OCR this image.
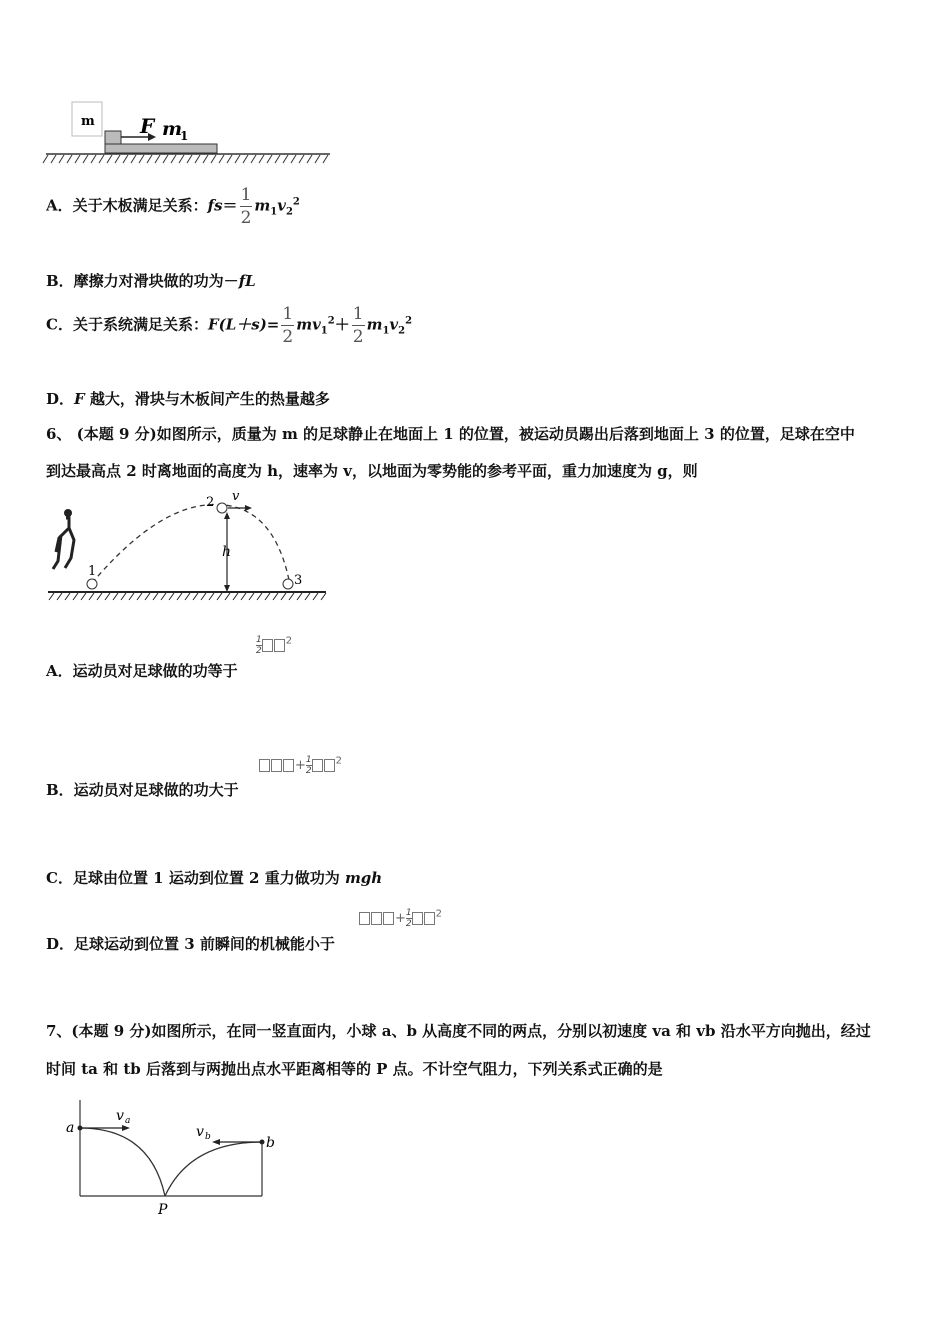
m F m
1
A．关于木板满足关系：$fs= \frac{1}{2} m_1v_2^2$
B．摩擦力对滑块做的功为－fL
C．关于系统满足关系：$F(L+s)= \frac{1}{2} mv_1^2+ \frac{1}{2} m_1v_2^2$
D．F 越大，滑块与木板间产生的热量越多
6、 (本题 9 分)如图所示，质量为 m 的足球静止在地面上 1 的位置，被运动员踢出后落到地面上 3 的位置，足球在空中
到达最高点 2 时离地面的高度为 h，速率为 v，以地面为零势能的参考平面，重力加速度为 g，则
1
2
3
v
h
A．运动员对足球做的功等于
$\frac{1}{2} ^2$
B．运动员对足球做的功大于
+ $\frac{1}{2} ^2$
C．足球由位置 1 运动到位置 2 重力做功为 mgh
D．足球运动到位置 3 前瞬间的机械能小于
+ $\frac{1}{2} ^2$
7、(本题 9 分)如图所示，在同一竖直面内，小球 a、b 从高度不同的两点，分别以初速度 va 和 vb 沿水平方向抛出，经过
时间 ta 和 tb 后落到与两抛出点水平距离相等的 P 点。不计空气阻力，下列关系式正确的是
a
b
v a
v b
P
